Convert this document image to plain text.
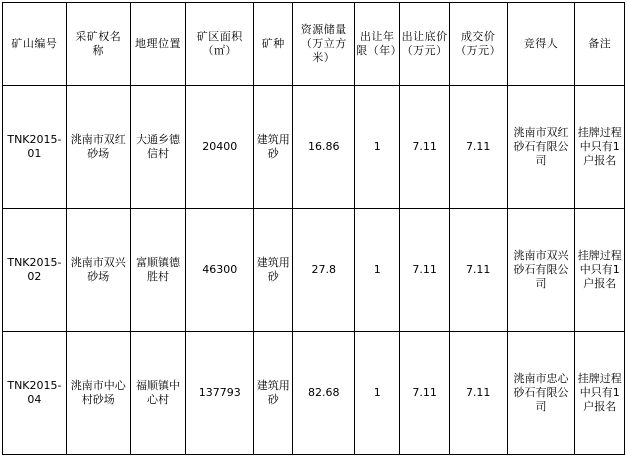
矿山编号	采矿权名 称	地理位置	矿区面积（㎡）	矿种	资源储量（万立方米）	出让年限（年）	出让底价（万元）	成交价（万元）	竞得人	备注
TNK2015-01	洮南市双红砂场	大通乡德信村	20400	建筑用砂	16.86	1	7.11	7.11	洮南市双红砂石有限公司	挂牌过程中只有1户报名
TNK2015-02	洮南市双兴砂场	富顺镇德胜村	46300	建筑用砂	27.8	1	7.11	7.11	洮南市双兴砂石有限公司	挂牌过程中只有1户报名
TNK2015-04	洮南市中心村砂场	福顺镇中心村	137793	建筑用砂	82.68	1	7.11	7.11	洮南市忠心砂石有限公司	挂牌过程中只有1户报名
